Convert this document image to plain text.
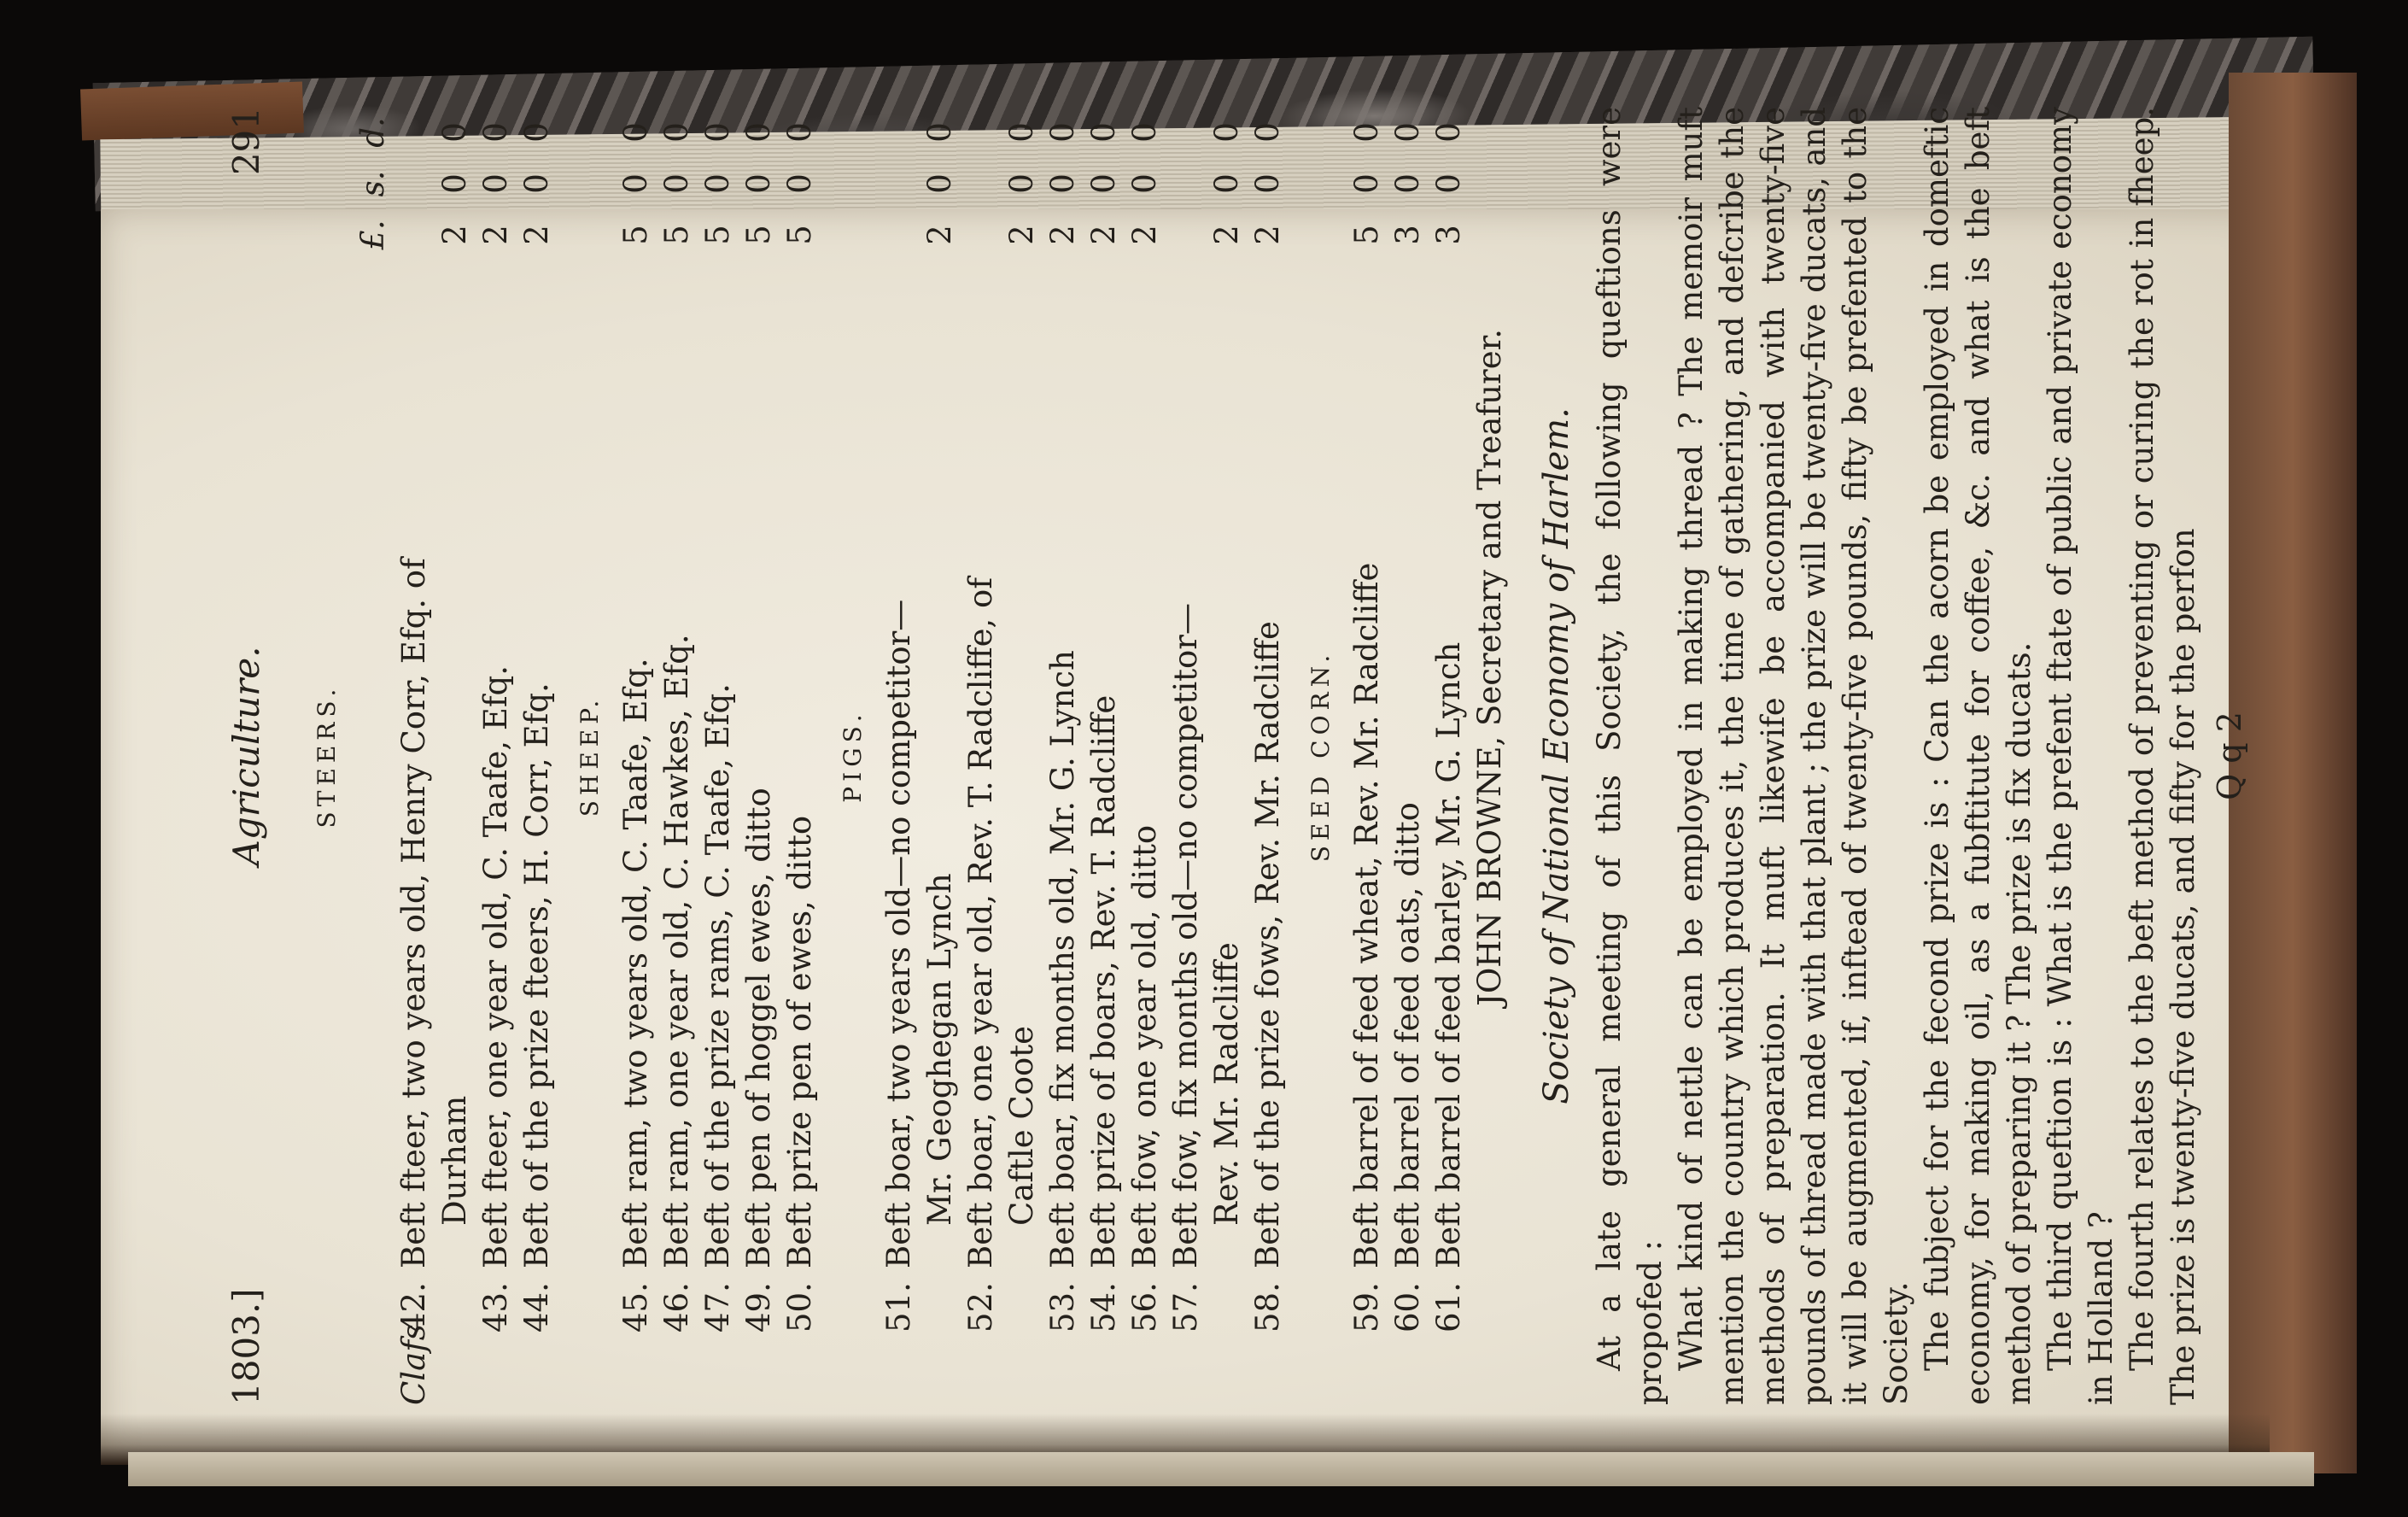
1803.]
Agriculture.
291
STEERS.
£.s.d.
Clafs
42.
Beft fteer, two years old, Henry Corr, Efq. of Durham
200
43.
Beft fteer, one year old, C. Taafe, Efq.
200
44.
Beft of the prize fteers, H. Corr, Efq.
200
SHEEP.
45.
Beft ram, two years old, C. Taafe, Efq.
500
46.
Beft ram, one year old, C. Hawkes, Efq.
500
47.
Beft of the prize rams, C. Taafe, Efq.
500
49.
Beft pen of hoggel ewes, ditto
500
50.
Beft prize pen of ewes, ditto
500
PIGS.
51.
Beft boar, two years old—no competitor— Mr. Geoghegan Lynch
200
52.
Beft boar, one year old, Rev. T. Radcliffe, of Caftle Coote
200
53.
Beft boar, fix months old, Mr. G. Lynch
200
54.
Beft prize of boars, Rev. T. Radcliffe
200
56.
Beft fow, one year old, ditto
200
57.
Beft fow, fix months old—no competitor— Rev. Mr. Radcliffe
200
58.
Beft of the prize fows, Rev. Mr. Radcliffe
200
SEED CORN.
59.
Beft barrel of feed wheat, Rev. Mr. Radcliffe
500
60.
Beft barrel of feed oats, ditto
300
61.
Beft barrel of feed barley, Mr. G. Lynch
300
JOHN BROWNE, Secretary and Treafurer. Society of National Economy of Harlem. At a late general meeting of this Society, the following queftions were propofed : What kind of nettle can be employed in making thread ? The memoir muft mention the country which produces it, the time of gathering, and defcribe the methods of preparation. It muft likewife be accompanied with twenty-five pounds of thread made with that plant ; the prize will be twenty-five ducats, and it will be augmented, if, inftead of twenty-five pounds, fifty be prefented to the Society. The fubject for the fecond prize is : Can the acorn be employed in domeftic economy, for making oil, as a fubftitute for coffee, &c. and what is the beft method of preparing it ? The prize is fix ducats. The third queftion is : What is the prefent ftate of public and private economy in Holland ? The fourth relates to the beft method of preventing or curing the rot in fheep. The prize is twenty-five ducats, and fifty for the perfon Q q 2
